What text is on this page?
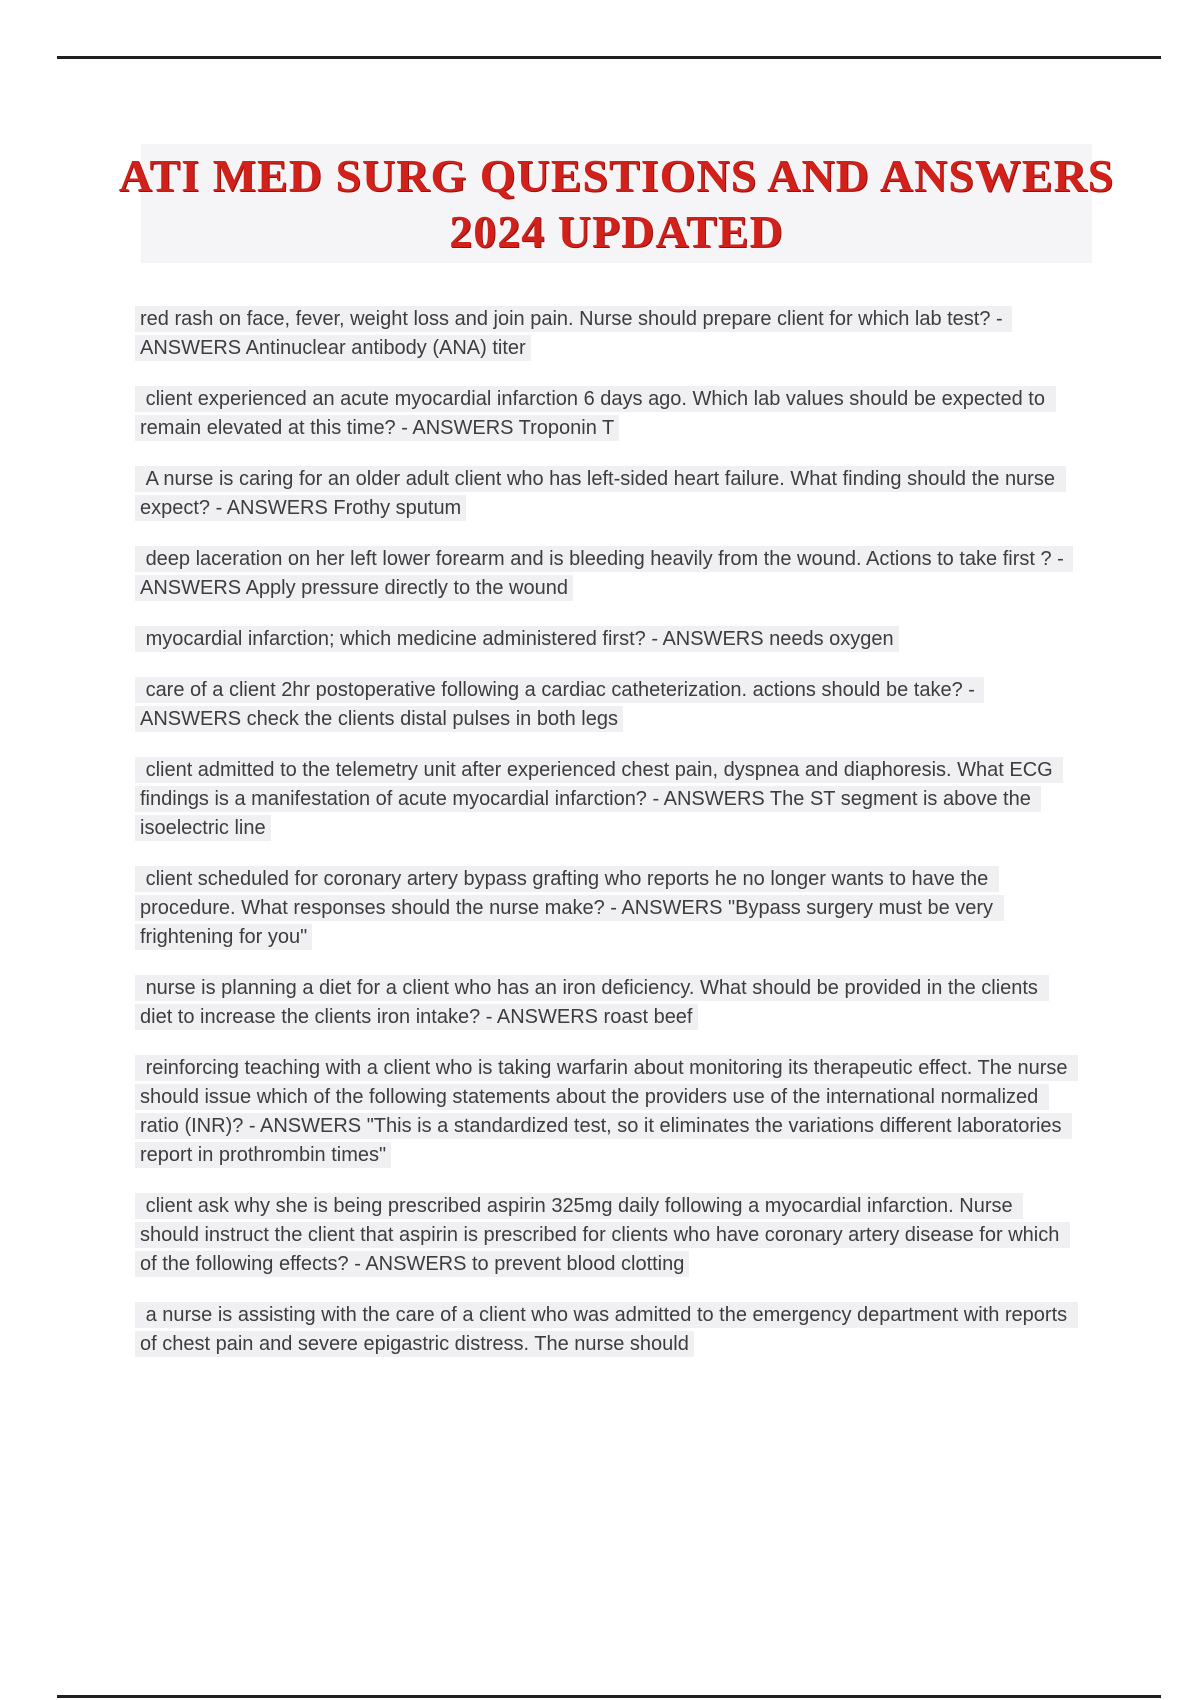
ATI MED SURG QUESTIONS AND ANSWERS
2024 UPDATED

red rash on face, fever, weight loss and join pain. Nurse should prepare client for which lab test? - ANSWERS Antinuclear antibody (ANA) titer

client experienced an acute myocardial infarction 6 days ago. Which lab values should be expected to remain elevated at this time? - ANSWERS Troponin T

A nurse is caring for an older adult client who has left-sided heart failure. What finding should the nurse expect? - ANSWERS Frothy sputum

deep laceration on her left lower forearm and is bleeding heavily from the wound. Actions to take first ? - ANSWERS Apply pressure directly to the wound

myocardial infarction; which medicine administered first? - ANSWERS needs oxygen

care of a client 2hr postoperative following a cardiac catheterization. actions should be take? - ANSWERS check the clients distal pulses in both legs

client admitted to the telemetry unit after experienced chest pain, dyspnea and diaphoresis. What ECG findings is a manifestation of acute myocardial infarction? - ANSWERS The ST segment is above the isoelectric line

client scheduled for coronary artery bypass grafting who reports he no longer wants to have the procedure. What responses should the nurse make? - ANSWERS "Bypass surgery must be very frightening for you"

nurse is planning a diet for a client who has an iron deficiency. What should be provided in the clients diet to increase the clients iron intake? - ANSWERS roast beef

reinforcing teaching with a client who is taking warfarin about monitoring its therapeutic effect. The nurse should issue which of the following statements about the providers use of the international normalized ratio (INR)? - ANSWERS "This is a standardized test, so it eliminates the variations different laboratories report in prothrombin times"

client ask why she is being prescribed aspirin 325mg daily following a myocardial infarction. Nurse should instruct the client that aspirin is prescribed for clients who have coronary artery disease for which of the following effects? - ANSWERS to prevent blood clotting

a nurse is assisting with the care of a client who was admitted to the emergency department with reports of chest pain and severe epigastric distress. The nurse should
